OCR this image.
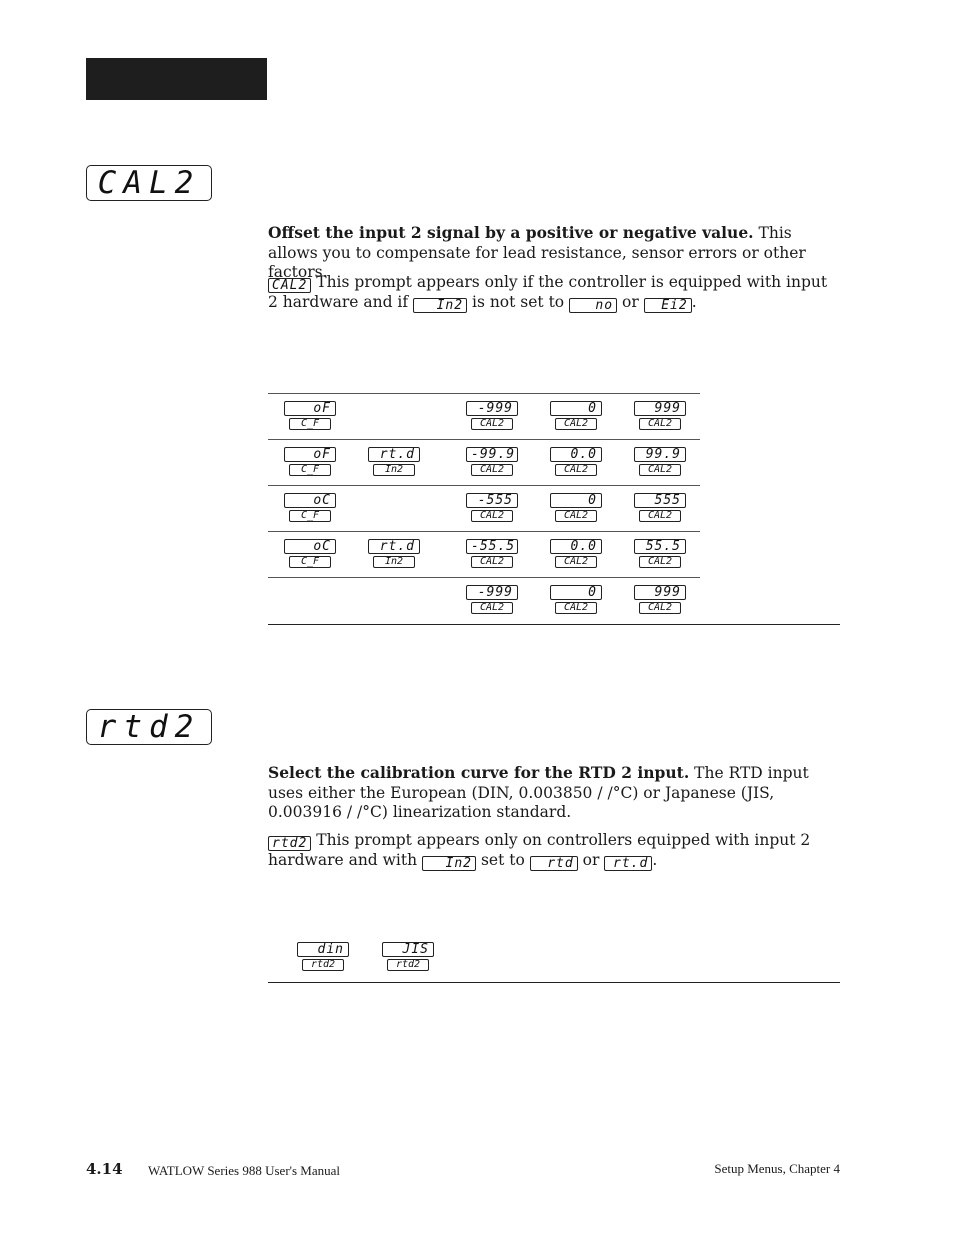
CAL2

Offset the input 2 signal by a positive or negative value. This allows you to compensate for lead resistance, sensor errors or other factors.

CAL2 This prompt appears only if the controller is equipped with input 2 hardware and if In2 is not set to no or Ei2 .

oF
C_F
-999
CAL2
0
CAL2
999
CAL2
oF
C_F
rt.d
In2
-99.9
CAL2
0.0
CAL2
99.9
CAL2
oC
C_F
-555
CAL2
0
CAL2
555
CAL2
oC
C_F
rt.d
In2
-55.5
CAL2
0.0
CAL2
55.5
CAL2
-999
CAL2
0
CAL2
999
CAL2
rtd2

Select the calibration curve for the RTD 2 input. The RTD input uses either the European (DIN, 0.003850 / /°C) or Japanese (JIS, 0.003916 / /°C) linearization standard.

rtd2 This prompt appears only on controllers equipped with input 2 hardware and with In2 set to rtd or rt.d .

din
rtd2
JIS
rtd2
4.14 WATLOW Series 988 User's Manual	Setup Menus, Chapter 4
